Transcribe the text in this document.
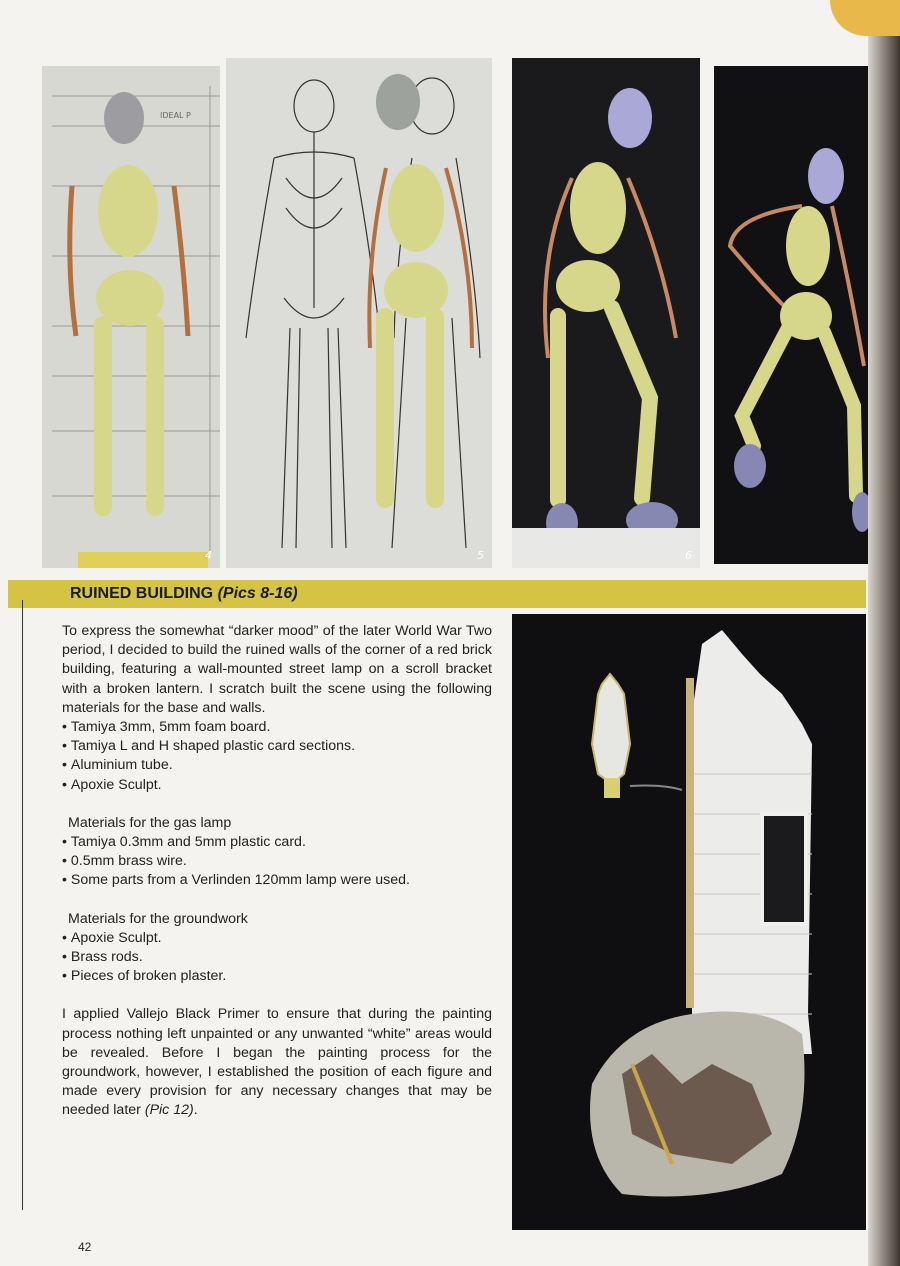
IDEAL P
4	5	6
RUINED BUILDING (Pics 8-16)

To express the somewhat “darker mood” of the later World War Two period, I decided to build the ruined walls of the corner of a red brick building, featuring a wall-mounted street lamp on a scroll bracket with a broken lantern. I scratch built the scene using the following materials for the base and walls.

• Tamiya 3mm, 5mm foam board.
• Tamiya L and H shaped plastic card sections.
• Aluminium tube.
• Apoxie Sculpt.

Materials for the gas lamp

• Tamiya 0.3mm and 5mm plastic card.
• 0.5mm brass wire.
• Some parts from a Verlinden 120mm lamp were used.

Materials for the groundwork

• Apoxie Sculpt.
• Brass rods.
• Pieces of broken plaster.

I applied Vallejo Black Primer to ensure that during the painting process nothing left unpainted or any unwanted “white” areas would be revealed. Before I began the painting process for the groundwork, however, I established the position of each figure and made every provision for any necessary changes that may be needed later (Pic 12).

42
